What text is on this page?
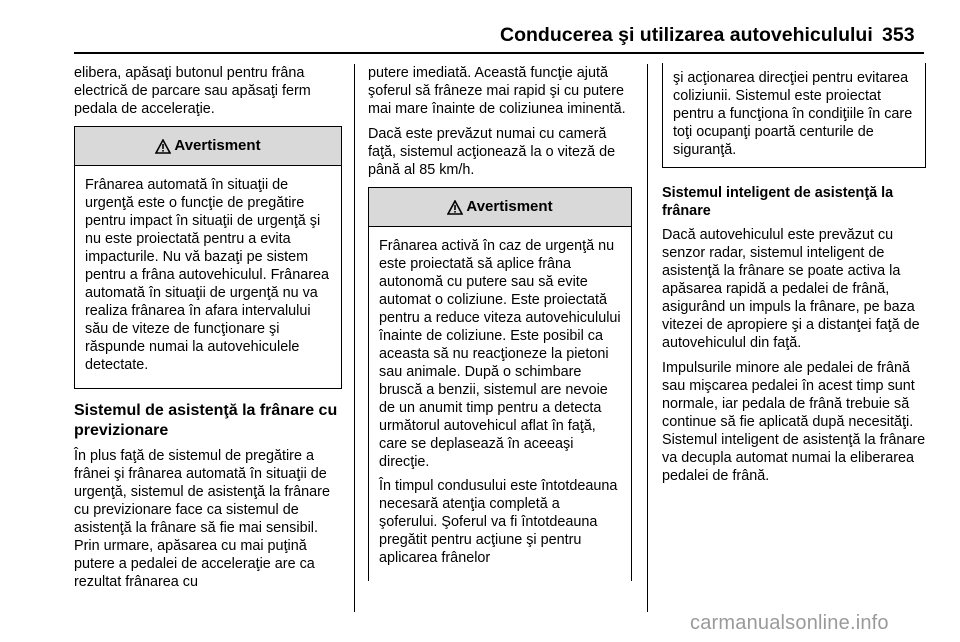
Conducerea şi utilizarea autovehiculului 353

elibera, apăsaţi butonul pentru frâna electrică de parcare sau apăsaţi ferm pedala de acceleraţie.

Avertisment

Frânarea automată în situaţii de urgenţă este o funcţie de pregătire pentru impact în situaţii de urgenţă şi nu este proiectată pentru a evita impacturile. Nu vă bazaţi pe sistem pentru a frâna autovehiculul. Frânarea automată în situaţii de urgenţă nu va realiza frânarea în afara intervalului său de viteze de funcţionare şi răspunde numai la autovehiculele detectate.

Sistemul de asistenţă la frânare cu previzionare

În plus faţă de sistemul de pregătire a frânei şi frânarea automată în situaţii de urgenţă, sistemul de asistenţă la frânare cu previzionare face ca sistemul de asistenţă la frânare să fie mai sensibil. Prin urmare, apăsarea cu mai puţină putere a pedalei de acceleraţie are ca rezultat frânarea cu

putere imediată. Această funcţie ajută şoferul să frâneze mai rapid şi cu putere mai mare înainte de coliziunea iminentă.

Dacă este prevăzut numai cu cameră faţă, sistemul acţionează la o viteză de până al 85 km/h.

Avertisment

Frânarea activă în caz de urgenţă nu este proiectată să aplice frâna autonomă cu putere sau să evite automat o coliziune. Este proiectată pentru a reduce viteza autovehiculului înainte de coliziune. Este posibil ca aceasta să nu reacţioneze la pietoni sau animale. După o schimbare bruscă a benzii, sistemul are nevoie de un anumit timp pentru a detecta următorul autovehicul aflat în faţă, care se deplasează în aceeaşi direcţie.

În timpul condusului este întotdeauna necesară atenţia completă a şoferului. Şoferul va fi întotdeauna pregătit pentru acţiune şi pentru aplicarea frânelor

şi acţionarea direcţiei pentru evitarea coliziunii. Sistemul este proiectat pentru a funcţiona în condiţiile în care toţi ocupanţi poartă centurile de siguranţă.

Sistemul inteligent de asistenţă la frânare

Dacă autovehiculul este prevăzut cu senzor radar, sistemul inteligent de asistenţă la frânare se poate activa la apăsarea rapidă a pedalei de frână, asigurând un impuls la frânare, pe baza vitezei de apropiere şi a distanţei faţă de autovehiculul din faţă.

Impulsurile minore ale pedalei de frână sau mişcarea pedalei în acest timp sunt normale, iar pedala de frână trebuie să continue să fie aplicată după necesităţi. Sistemul inteligent de asistenţă la frânare va decupla automat numai la eliberarea pedalei de frână.

carmanualsonline.info
